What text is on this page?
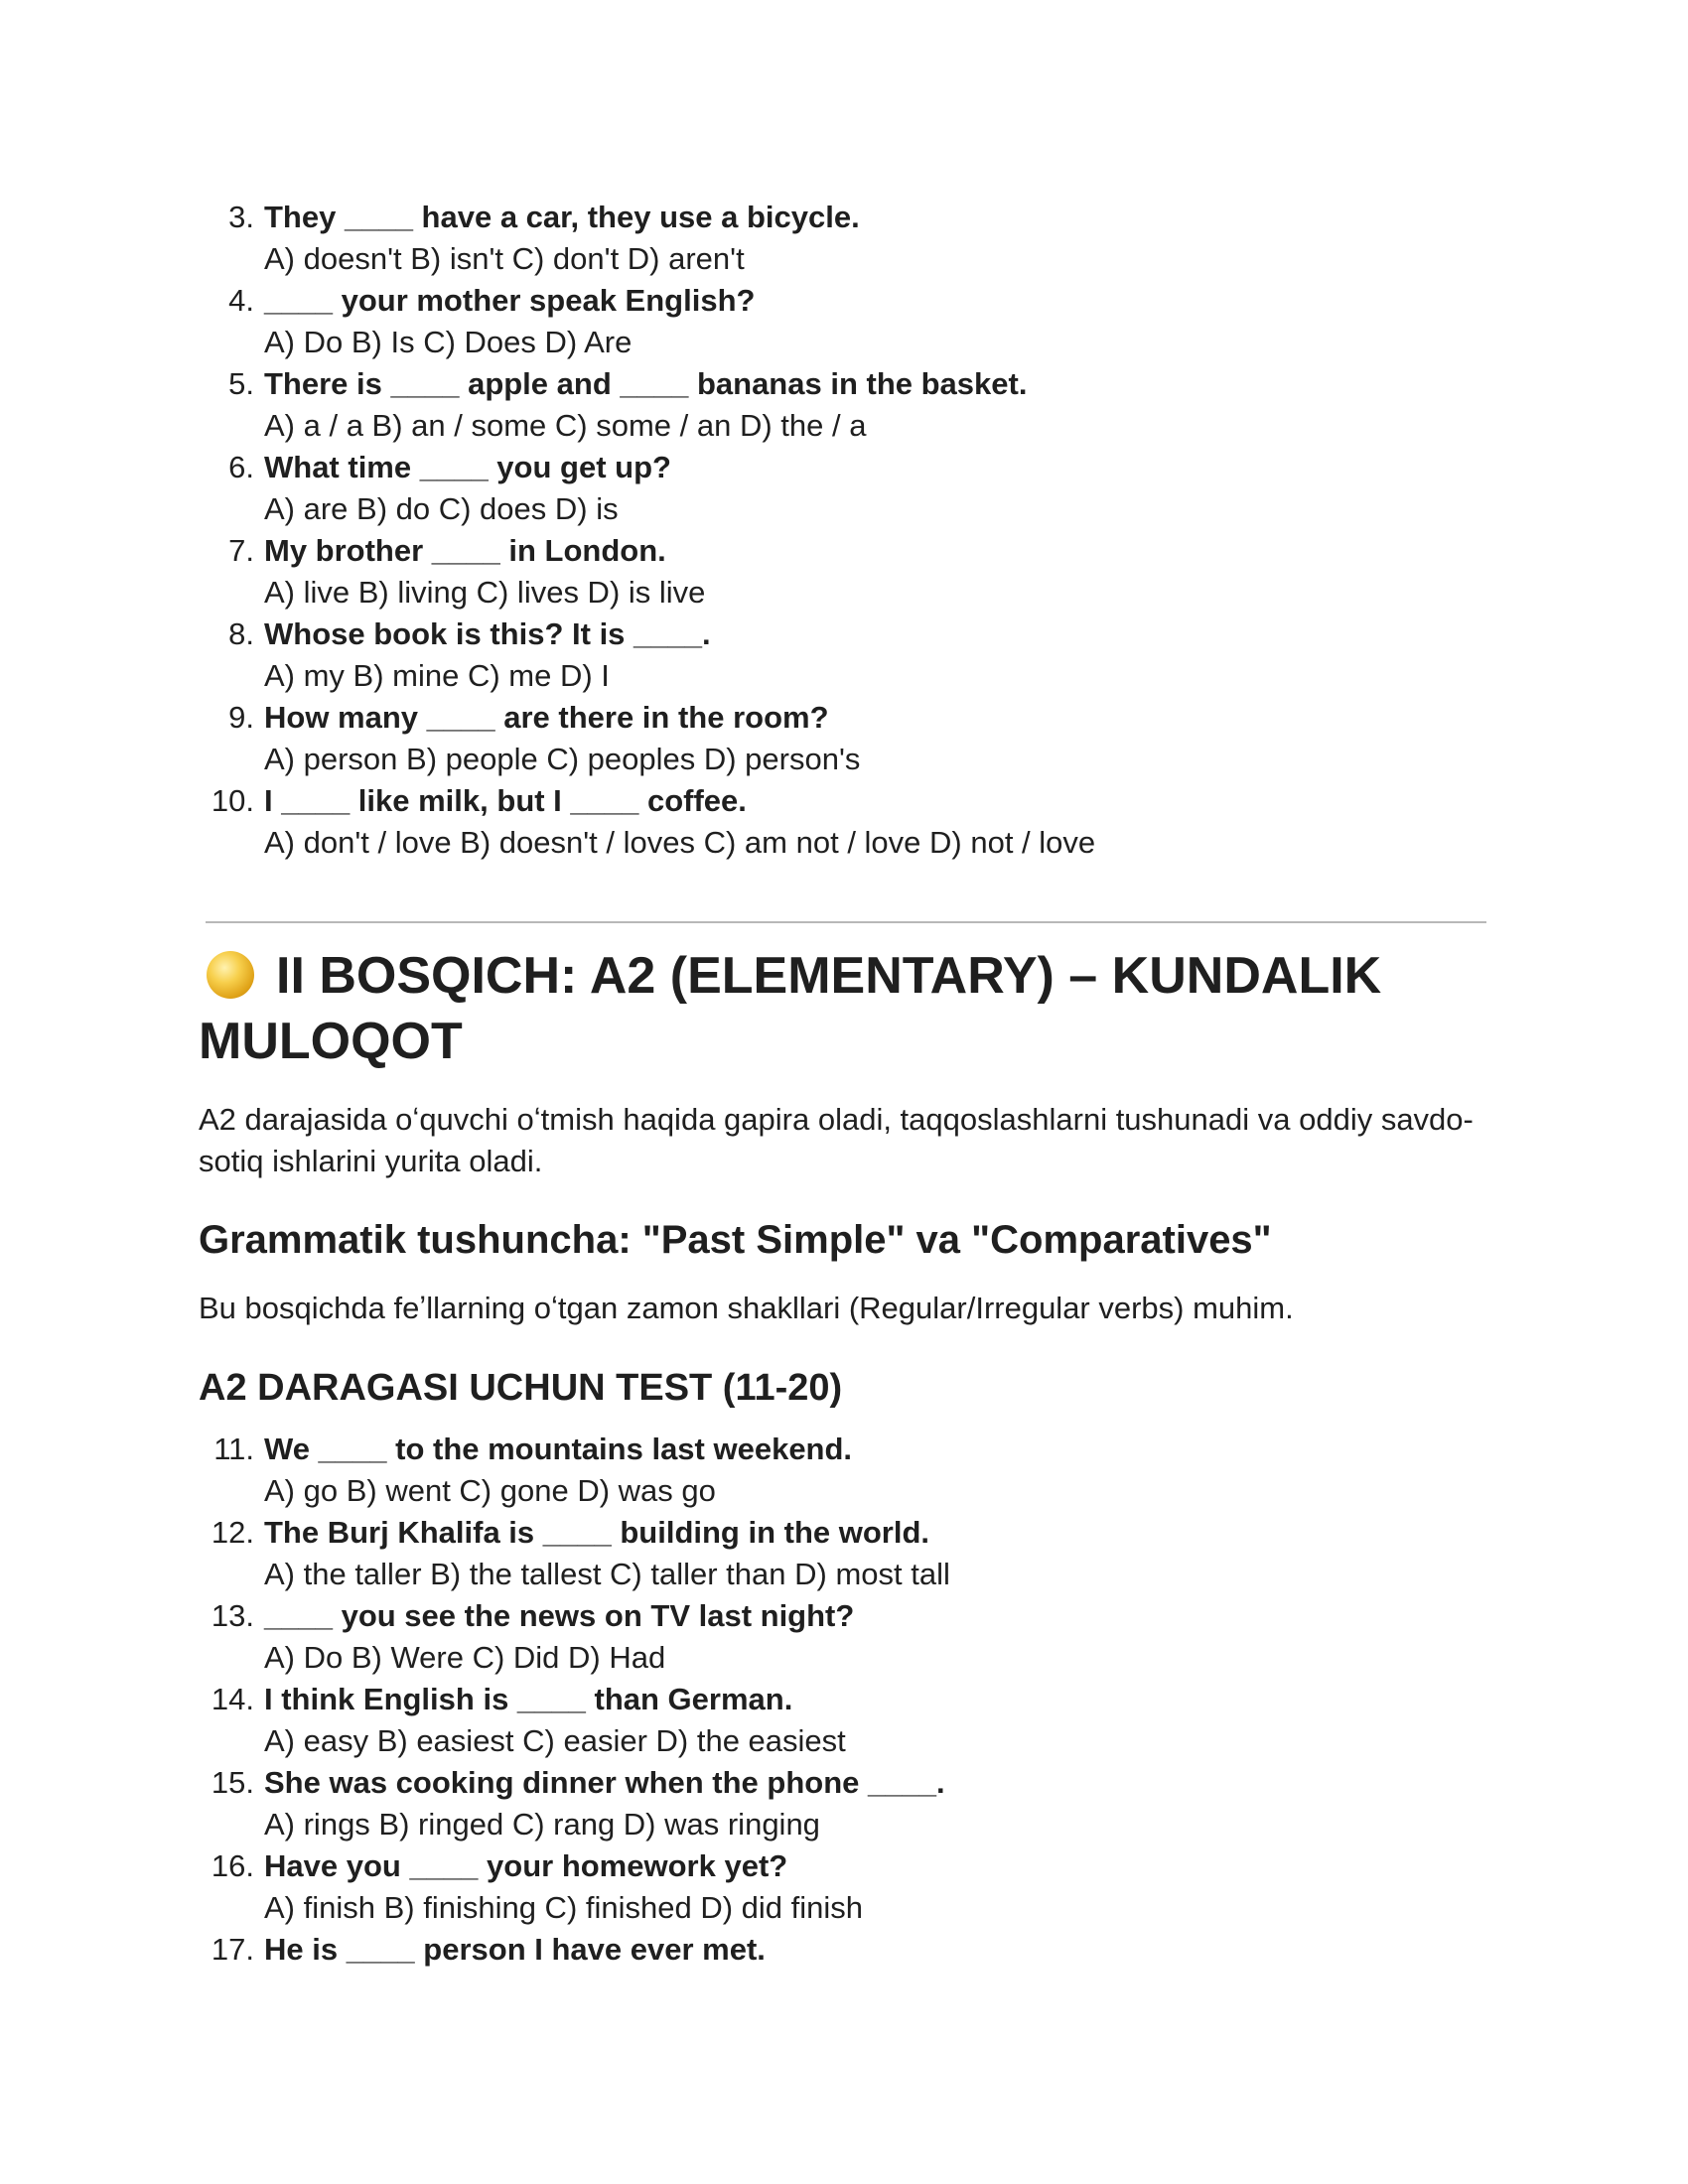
3. They ____ have a car, they use a bicycle.
A) doesn't B) isn't C) don't D) aren't
4. ____ your mother speak English?
A) Do B) Is C) Does D) Are
5. There is ____ apple and ____ bananas in the basket.
A) a / a B) an / some C) some / an D) the / a
6. What time ____ you get up?
A) are B) do C) does D) is
7. My brother ____ in London.
A) live B) living C) lives D) is live
8. Whose book is this? It is ____.
A) my B) mine C) me D) I
9. How many ____ are there in the room?
A) person B) people C) peoples D) person's
10. I ____ like milk, but I ____ coffee.
A) don't / love B) doesn't / loves C) am not / love D) not / love
II BOSQICH: A2 (ELEMENTARY) – KUNDALIK MULOQOT

A2 darajasida oʻquvchi oʻtmish haqida gapira oladi, taqqoslashlarni tushunadi va oddiy savdo-sotiq ishlarini yurita oladi.

Grammatik tushuncha: "Past Simple" va "Comparatives"

Bu bosqichda feʼllarning oʻtgan zamon shakllari (Regular/Irregular verbs) muhim.

A2 DARAGASI UCHUN TEST (11-20)
11. We ____ to the mountains last weekend.
A) go B) went C) gone D) was go
12. The Burj Khalifa is ____ building in the world.
A) the taller B) the tallest C) taller than D) most tall
13. ____ you see the news on TV last night?
A) Do B) Were C) Did D) Had
14. I think English is ____ than German.
A) easy B) easiest C) easier D) the easiest
15. She was cooking dinner when the phone ____.
A) rings B) ringed C) rang D) was ringing
16. Have you ____ your homework yet?
A) finish B) finishing C) finished D) did finish
17. He is ____ person I have ever met.
